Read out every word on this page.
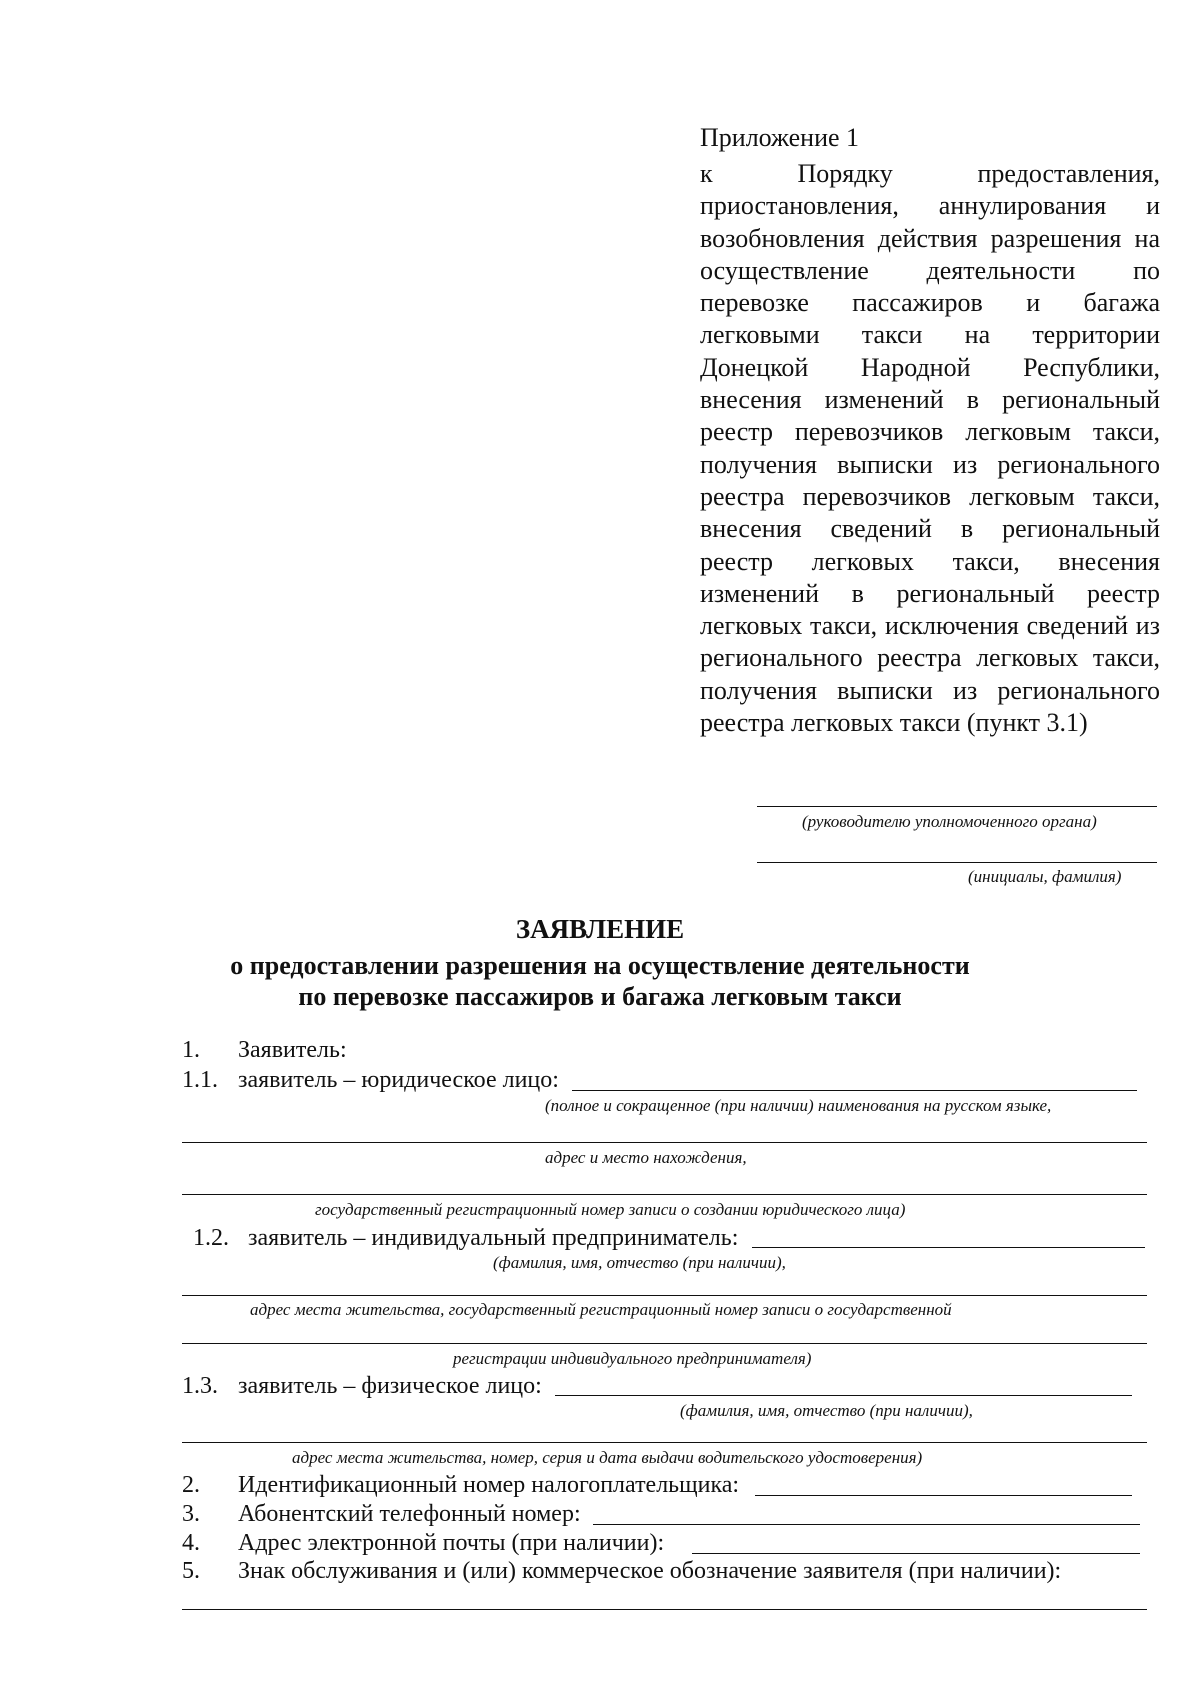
Приложение 1
к Порядку предоставления, приостановления, аннулирования и возобновления действия разрешения на осуществление деятельности по перевозке пассажиров и багажа легковыми такси на территории Донецкой Народной Республики, внесения изменений в региональный реестр перевозчиков легковым такси, получения выписки из регионального реестра перевозчиков легковым такси, внесения сведений в региональный реестр легковых такси, внесения изменений в региональный реестр легковых такси, исключения сведений из регионального реестра легковых такси, получения выписки из регионального реестра легковых такси (пункт 3.1)
(руководителю уполномоченного органа)
(инициалы, фамилия)
ЗАЯВЛЕНИЕ
о предоставлении разрешения на осуществление деятельности
по перевозке пассажиров и багажа легковым такси
1. Заявитель:
1.1. заявитель – юридическое лицо:
(полное и сокращенное (при наличии) наименования на русском языке,
адрес и место нахождения,
государственный регистрационный номер записи о создании юридического лица)
1.2. заявитель – индивидуальный предприниматель:
(фамилия, имя, отчество (при наличии),
адрес места жительства, государственный регистрационный номер записи о государственной
регистрации индивидуального предпринимателя)
1.3. заявитель – физическое лицо:
(фамилия, имя, отчество (при наличии),
адрес места жительства, номер, серия и дата выдачи водительского удостоверения)
2. Идентификационный номер налогоплательщика:
3. Абонентский телефонный номер:
4. Адрес электронной почты (при наличии):
5. Знак обслуживания и (или) коммерческое обозначение заявителя (при наличии):
